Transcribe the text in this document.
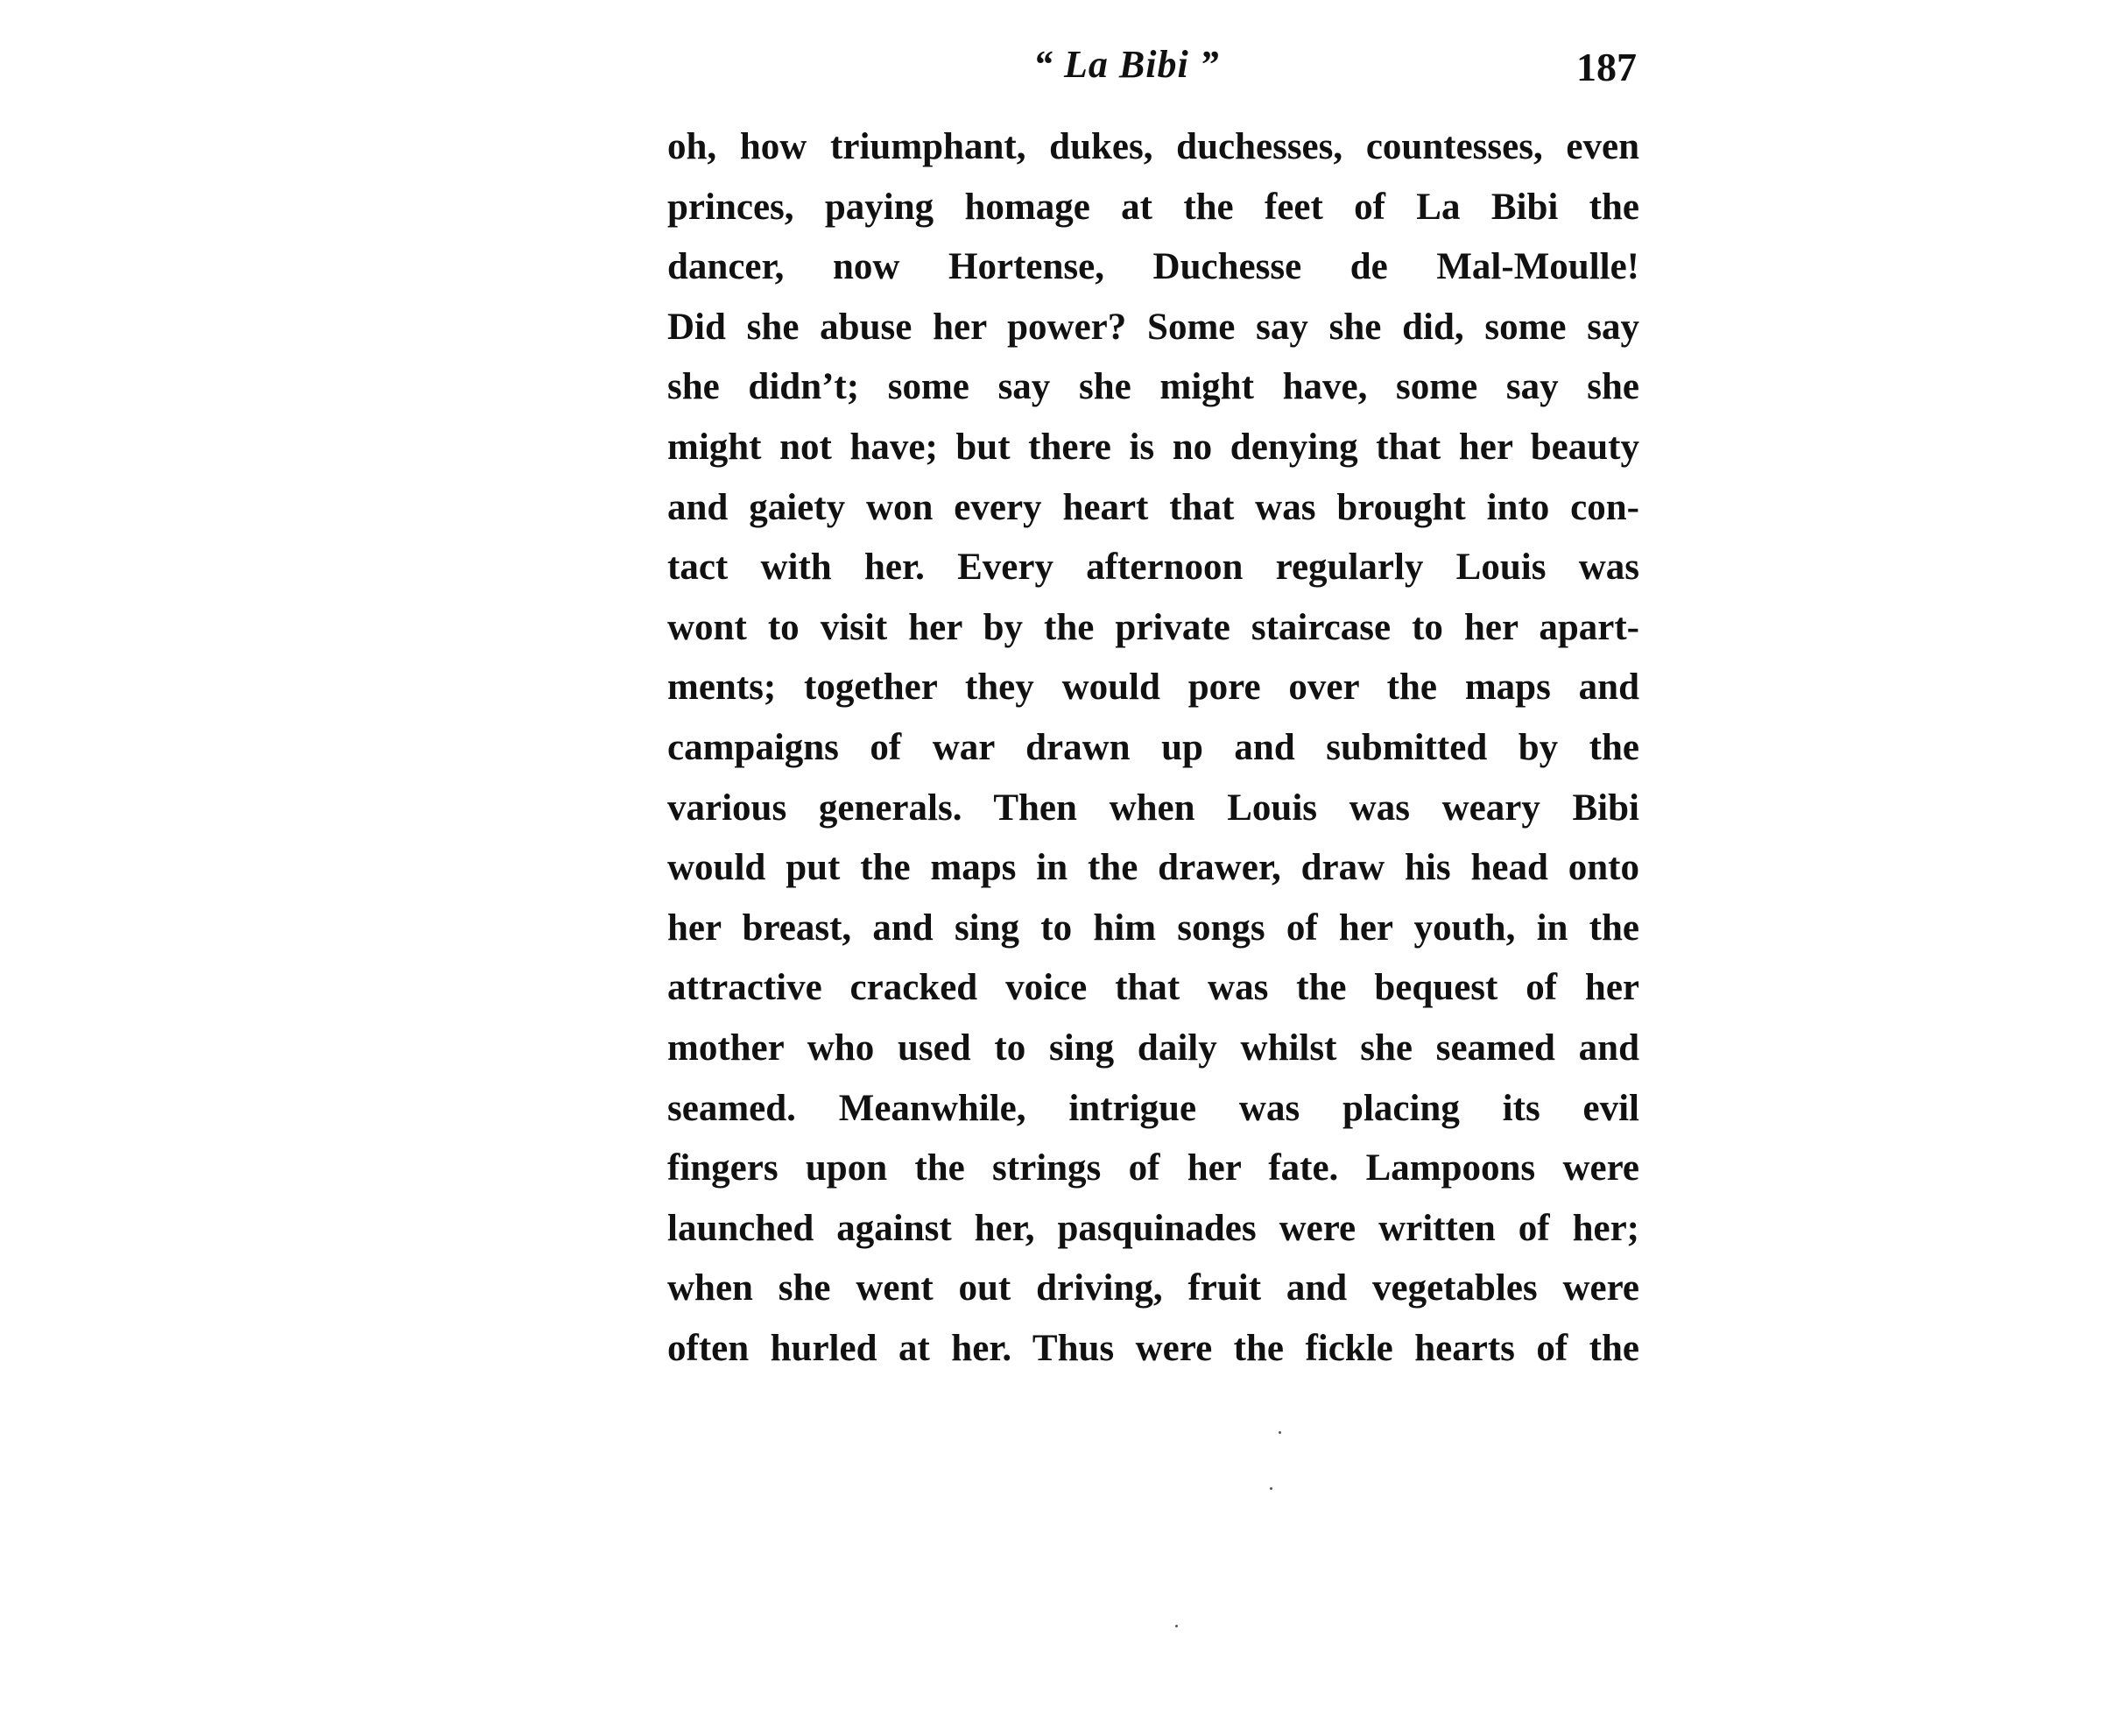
“ La Bibi ”	187
oh, how triumphant, dukes, duchesses, countesses, even
princes, paying homage at the feet of La Bibi the
dancer, now Hortense, Duchesse de Mal-Moulle!
Did she abuse her power? Some say she did, some say
she didn’t; some say she might have, some say she
might not have; but there is no denying that her beauty
and gaiety won every heart that was brought into con-
tact with her. Every afternoon regularly Louis was
wont to visit her by the private staircase to her apart-
ments; together they would pore over the maps and
campaigns of war drawn up and submitted by the
various generals. Then when Louis was weary Bibi
would put the maps in the drawer, draw his head onto
her breast, and sing to him songs of her youth, in the
attractive cracked voice that was the bequest of her
mother who used to sing daily whilst she seamed and
seamed. Meanwhile, intrigue was placing its evil
fingers upon the strings of her fate. Lampoons were
launched against her, pasquinades were written of her;
when she went out driving, fruit and vegetables were
often hurled at her. Thus were the fickle hearts of the
